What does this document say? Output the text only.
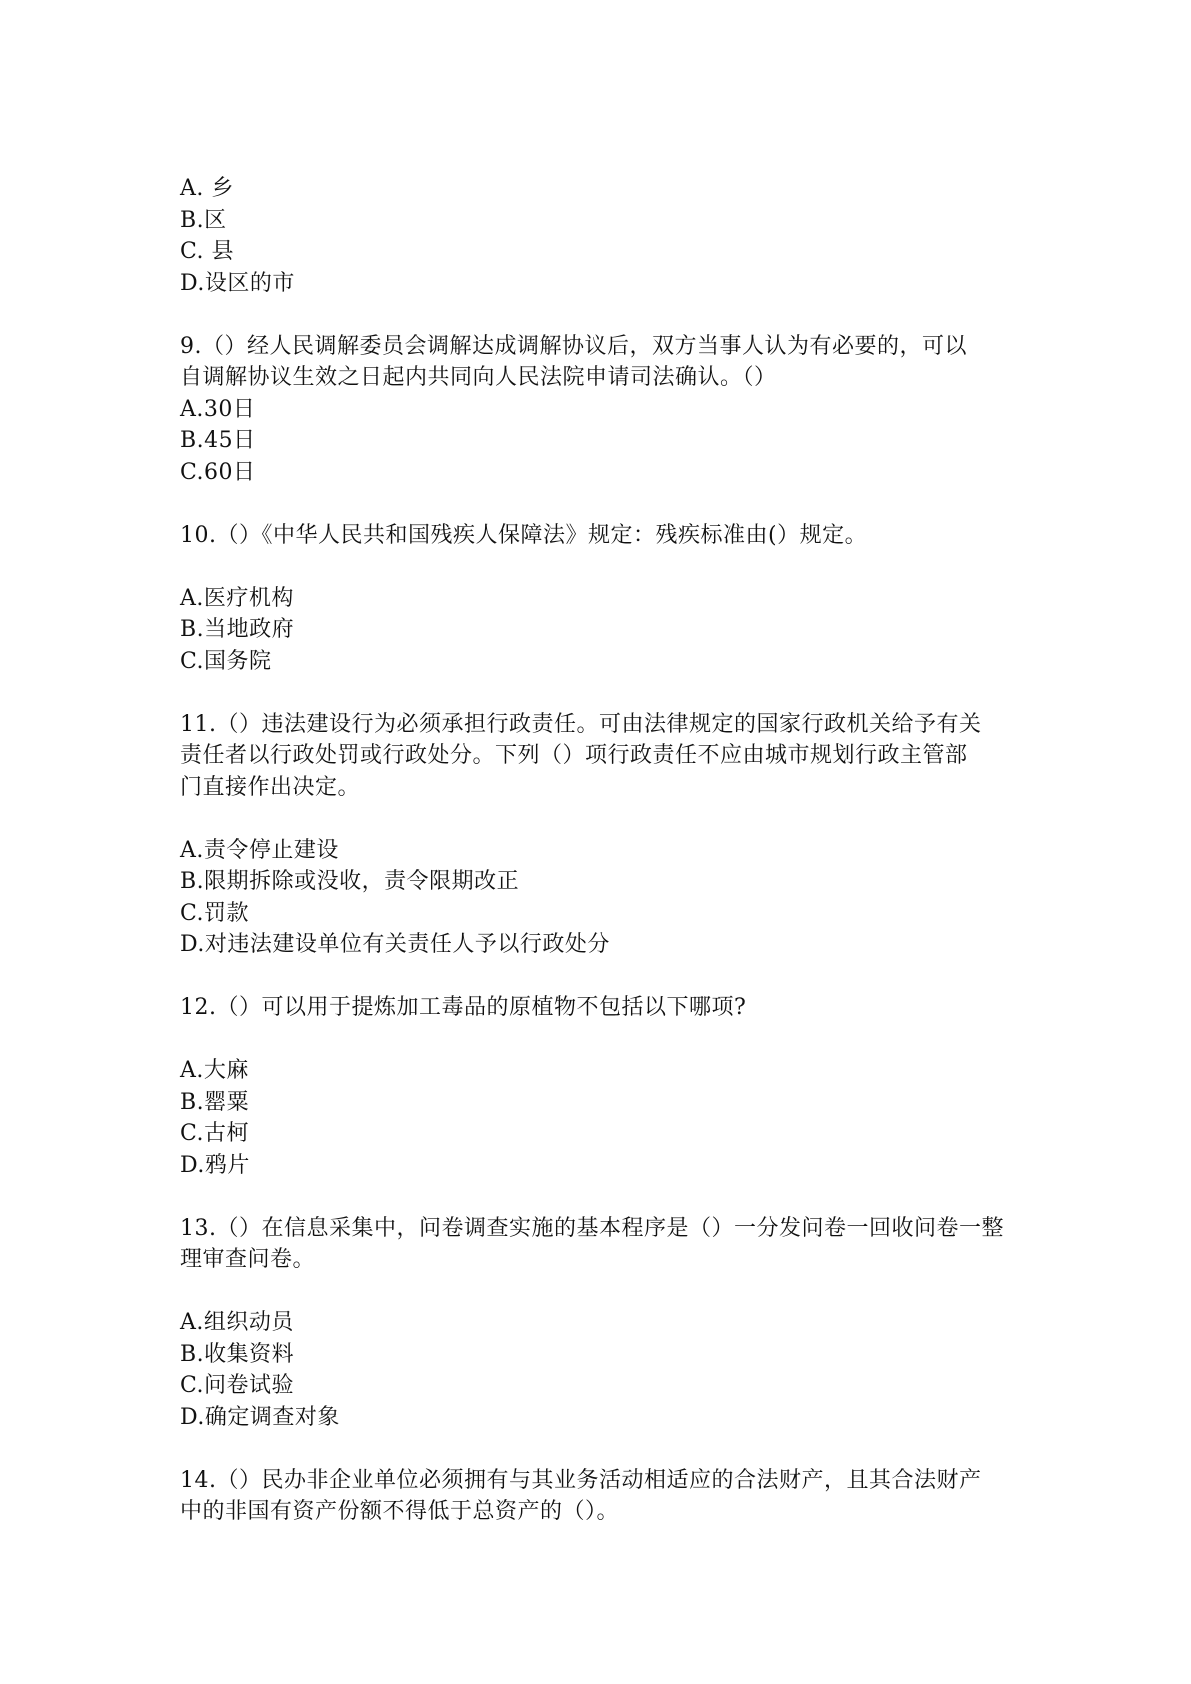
A. 乡
B.区
C. 县
D.设区的市
9.（）经人民调解委员会调解达成调解协议后，双方当事人认为有必要的，可以
自调解协议生效之日起内共同向人民法院申请司法确认。（）
A.30日
B.45日
C.60日
10.（）《中华人民共和国残疾人保障法》规定：残疾标准由(）规定。
A.医疗机构
B.当地政府
C.国务院
11.（）违法建设行为必须承担行政责任。可由法律规定的国家行政机关给予有关
责任者以行政处罚或行政处分。下列（）项行政责任不应由城市规划行政主管部
门直接作出决定。
A.责令停止建设
B.限期拆除或没收，责令限期改正
C.罚款
D.对违法建设单位有关责任人予以行政处分
12.（）可以用于提炼加工毒品的原植物不包括以下哪项?
A.大麻
B.罂粟
C.古柯
D.鸦片
13.（）在信息采集中，问卷调查实施的基本程序是（）一分发问卷一回收问卷一整
理审查问卷。
A.组织动员
B.收集资料
C.问卷试验
D.确定调查对象
14.（）民办非企业单位必须拥有与其业务活动相适应的合法财产，且其合法财产
中的非国有资产份额不得低于总资产的（）。
